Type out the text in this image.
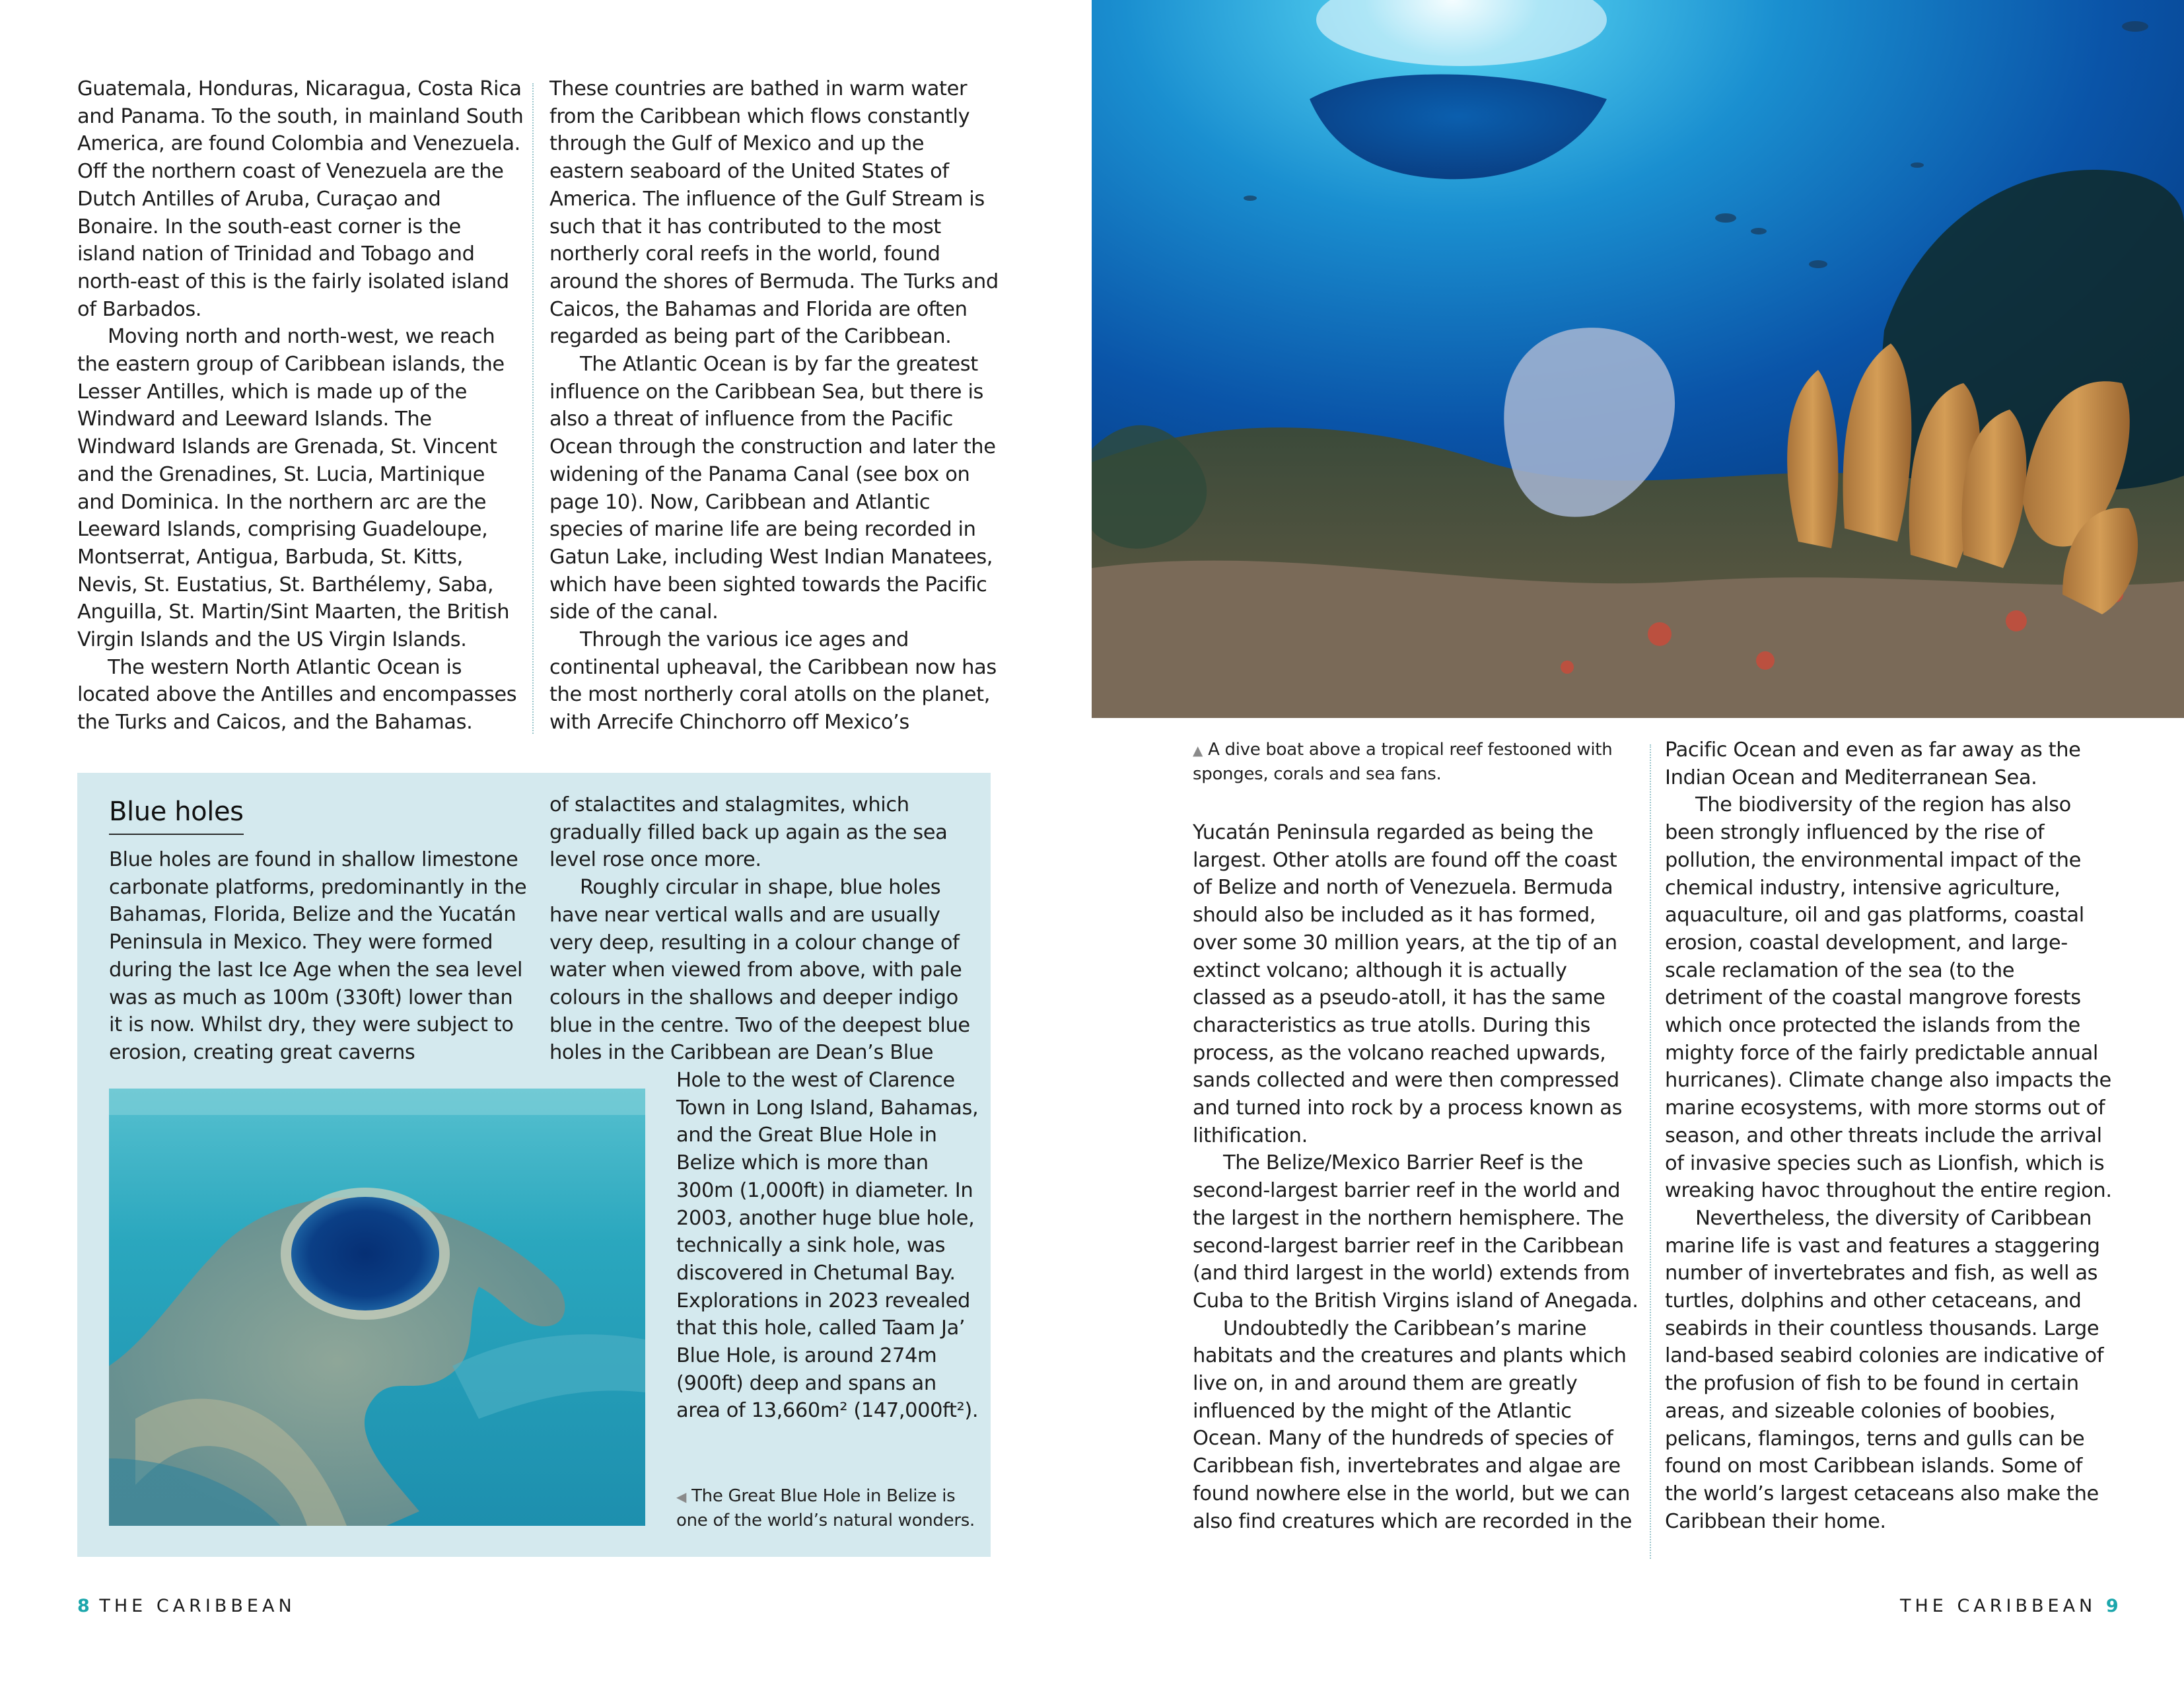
Guatemala, Honduras, Nicaragua, Costa Rica and Panama. To the south, in mainland South America, are found Colombia and Venezuela. Off the northern coast of Venezuela are the Dutch Antilles of Aruba, Curaçao and Bonaire. In the south-east corner is the island nation of Trinidad and Tobago and north-east of this is the fairly isolated island of Barbados.

Moving north and north-west, we reach the eastern group of Caribbean islands, the Lesser Antilles, which is made up of the Windward and Leeward Islands. The Windward Islands are Grenada, St. Vincent and the Grenadines, St. Lucia, Martinique and Dominica. In the northern arc are the Leeward Islands, comprising Guadeloupe, Montserrat, Antigua, Barbuda, St. Kitts, Nevis, St. Eustatius, St. Barthélemy, Saba, Anguilla, St. Martin/Sint Maarten, the British Virgin Islands and the US Virgin Islands.

The western North Atlantic Ocean is located above the Antilles and encompasses the Turks and Caicos, and the Bahamas.

These countries are bathed in warm water from the Caribbean which flows constantly through the Gulf of Mexico and up the eastern seaboard of the United States of America. The influence of the Gulf Stream is such that it has contributed to the most northerly coral reefs in the world, found around the shores of Bermuda. The Turks and Caicos, the Bahamas and Florida are often regarded as being part of the Caribbean.

The Atlantic Ocean is by far the greatest influence on the Caribbean Sea, but there is also a threat of influence from the Pacific Ocean through the construction and later the widening of the Panama Canal (see box on page 10). Now, Caribbean and Atlantic species of marine life are being recorded in Gatun Lake, including West Indian Manatees, which have been sighted towards the Pacific side of the canal.

Through the various ice ages and continental upheaval, the Caribbean now has the most northerly coral atolls on the planet, with Arrecife Chinchorro off Mexico’s

Blue holes

Blue holes are found in shallow limestone carbonate platforms, predominantly in the Bahamas, Florida, Belize and the Yucatán Peninsula in Mexico. They were formed during the last Ice Age when the sea level was as much as 100m (330ft) lower than it is now. Whilst dry, they were subject to erosion, creating great caverns

of stalactites and stalagmites, which gradually filled back up again as the sea level rose once more.

Roughly circular in shape, blue holes have near vertical walls and are usually very deep, resulting in a colour change of water when viewed from above, with pale colours in the shallows and deeper indigo blue in the centre. Two of the deepest blue holes in the Caribbean are Dean’s Blue

Hole to the west of Clarence Town in Long Island, Bahamas, and the Great Blue Hole in Belize which is more than 300m (1,000ft) in diameter. In 2003, another huge blue hole, technically a sink hole, was discovered in Chetumal Bay. Explorations in 2023 revealed that this hole, called Taam Ja’ Blue Hole, is around 274m (900ft) deep and spans an area of 13,660m² (147,000ft²).

◀ The Great Blue Hole in Belize is one of the world’s natural wonders.
8 THE CARIBBEAN
▲ A dive boat above a tropical reef festooned with sponges, corals and sea fans.

Yucatán Peninsula regarded as being the largest. Other atolls are found off the coast of Belize and north of Venezuela. Bermuda should also be included as it has formed, over some 30 million years, at the tip of an extinct volcano; although it is actually classed as a pseudo-atoll, it has the same characteristics as true atolls. During this process, as the volcano reached upwards, sands collected and were then compressed and turned into rock by a process known as lithification.

The Belize/Mexico Barrier Reef is the second-largest barrier reef in the world and the largest in the northern hemisphere. The second-largest barrier reef in the Caribbean (and third largest in the world) extends from Cuba to the British Virgins island of Anegada.

Undoubtedly the Caribbean’s marine habitats and the creatures and plants which live on, in and around them are greatly influenced by the might of the Atlantic Ocean. Many of the hundreds of species of Caribbean fish, invertebrates and algae are found nowhere else in the world, but we can also find creatures which are recorded in the

Pacific Ocean and even as far away as the Indian Ocean and Mediterranean Sea.

The biodiversity of the region has also been strongly influenced by the rise of pollution, the environmental impact of the chemical industry, intensive agriculture, aquaculture, oil and gas platforms, coastal erosion, coastal development, and large-scale reclamation of the sea (to the detriment of the coastal mangrove forests which once protected the islands from the mighty force of the fairly predictable annual hurricanes). Climate change also impacts the marine ecosystems, with more storms out of season, and other threats include the arrival of invasive species such as Lionfish, which is wreaking havoc throughout the entire region.

Nevertheless, the diversity of Caribbean marine life is vast and features a staggering number of invertebrates and fish, as well as turtles, dolphins and other cetaceans, and seabirds in their countless thousands. Large land-based seabird colonies are indicative of the profusion of fish to be found in certain areas, and sizeable colonies of boobies, pelicans, flamingos, terns and gulls can be found on most Caribbean islands. Some of the world’s largest cetaceans also make the Caribbean their home.

THE CARIBBEAN 9
